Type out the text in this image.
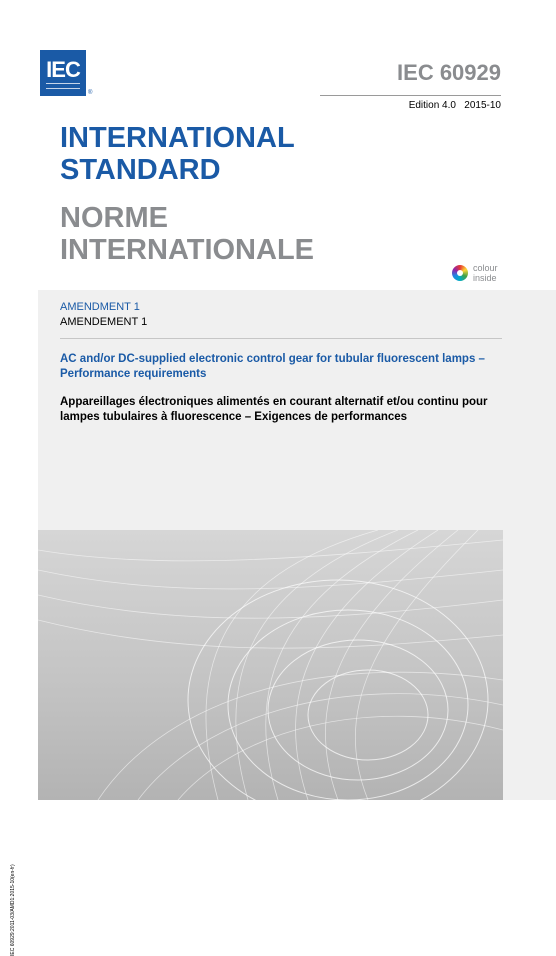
IEC
®
IEC 60929
Edition 4.0 2015-10
INTERNATIONAL
STANDARD
NORME
INTERNATIONALE
colour
inside
AMENDMENT 1
AMENDEMENT 1
AC and/or DC-supplied electronic control gear for tubular fluorescent lamps – Performance requirements
Appareillages électroniques alimentés en courant alternatif et/ou continu pour lampes tubulaires à fluorescence – Exigences de performances
IEC 60929:2011-03/AMD1:2015-10(en-fr)
